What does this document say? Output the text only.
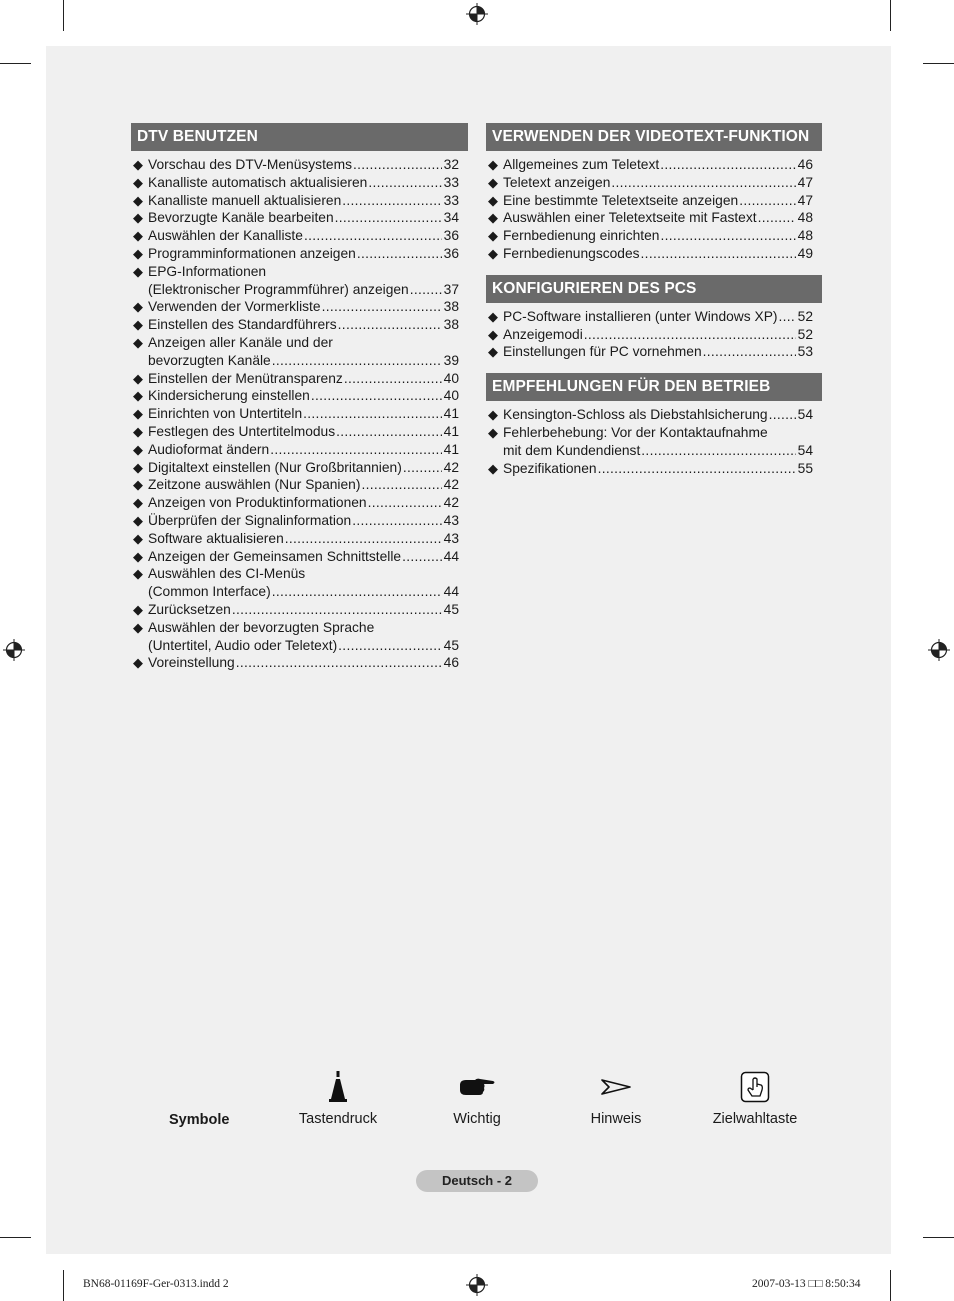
DTV BENUTZEN
◆ Vorschau des DTV-Menüsystems .....	32
◆ Kanalliste automatisch aktualisieren .....	33
◆ Kanalliste manuell aktualisieren .....	33
◆ Bevorzugte Kanäle bearbeiten .....	34
◆ Auswählen der Kanalliste .....	36
◆ Programminformationen anzeigen .....	36
◆ EPG-Informationen
(Elektronischer Programmführer) anzeigen .....	37
◆ Verwenden der Vormerkliste .....	38
◆ Einstellen des Standardführers .....	38
◆ Anzeigen aller Kanäle und der
bevorzugten Kanäle .....	39
◆ Einstellen der Menütransparenz .....	40
◆ Kindersicherung einstellen .....	40
◆ Einrichten von Untertiteln .....	41
◆ Festlegen des Untertitelmodus .....	41
◆ Audioformat ändern .....	41
◆ Digitaltext einstellen (Nur Großbritannien) .....	42
◆ Zeitzone auswählen (Nur Spanien) .....	42
◆ Anzeigen von Produktinformationen .....	42
◆ Überprüfen der Signalinformation .....	43
◆ Software aktualisieren .....	43
◆ Anzeigen der Gemeinsamen Schnittstelle .....	44
◆ Auswählen des CI-Menüs
(Common Interface) .....	44
◆ Zurücksetzen .....	45
◆ Auswählen der bevorzugten Sprache
(Untertitel, Audio oder Teletext) .....	45
◆ Voreinstellung .....	46
VERWENDEN DER VIDEOTEXT-FUNKTION
◆ Allgemeines zum Teletext .....	46
◆ Teletext anzeigen .....	47
◆ Eine bestimmte Teletextseite anzeigen .....	47
◆ Auswählen einer Teletextseite mit Fastext .....	48
◆ Fernbedienung einrichten .....	48
◆ Fernbedienungscodes .....	49
KONFIGURIEREN DES PCS
◆ PC-Software installieren (unter Windows XP) ..... 52
◆ Anzeigemodi .....	52
◆ Einstellungen für PC vornehmen .....	53
EMPFEHLUNGEN FÜR DEN BETRIEB
◆ Kensington-Schloss als Diebstahlsicherung ..... 54
◆ Fehlerbehebung: Vor der Kontaktaufnahme
mit dem Kundendienst .....	54
◆ Spezifikationen .....	55
Symbole	Tastendruck	Wichtig	Hinweis	Zielwahltaste
Deutsch - 2
BN68-01169F-Ger-0313.indd 2	2007-03-13 □□ 8:50:34
